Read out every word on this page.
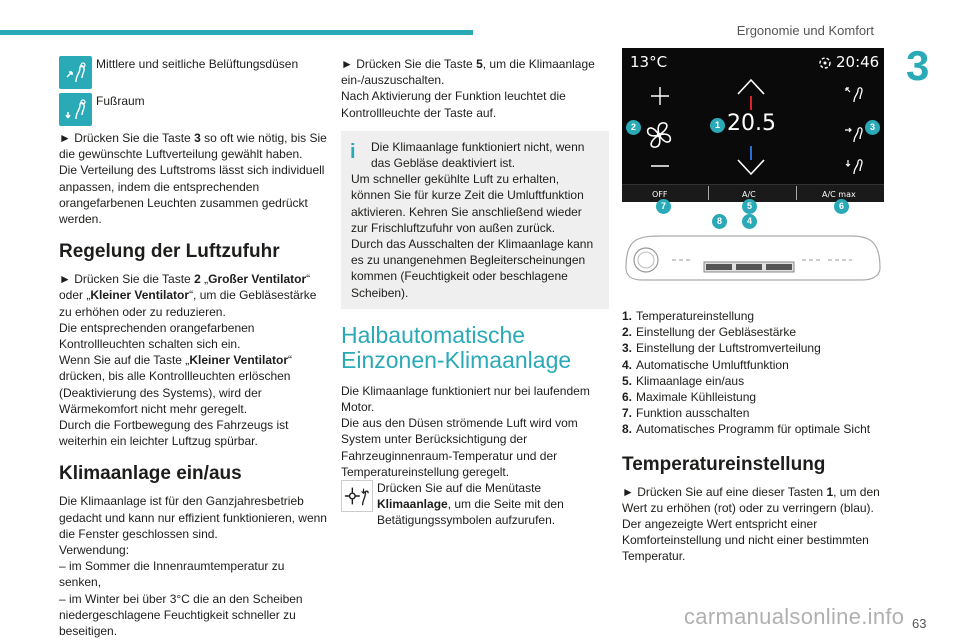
Ergonomie und Komfort
3

Mittlere und seitliche Belüftungsdüsen

Fußraum

► Drücken Sie die Taste 3 so oft wie nötig, bis Sie die gewünschte Luftverteilung gewählt haben.

Die Verteilung des Luftstroms lässt sich individuell anpassen, indem die entsprechenden orangefarbenen Leuchten zusammen gedrückt werden.

Regelung der Luftzufuhr

► Drücken Sie die Taste 2 „Großer Ventilator“ oder „Kleiner Ventilator“, um die Gebläsestärke zu erhöhen oder zu reduzieren.

Die entsprechenden orangefarbenen Kontrollleuchten schalten sich ein.

Wenn Sie auf die Taste „Kleiner Ventilator“ drücken, bis alle Kontrollleuchten erlöschen (Deaktivierung des Systems), wird der Wärmekomfort nicht mehr geregelt.

Durch die Fortbewegung des Fahrzeugs ist weiterhin ein leichter Luftzug spürbar.

Klimaanlage ein/aus

Die Klimaanlage ist für den Ganzjahresbetrieb gedacht und kann nur effizient funktionieren, wenn die Fenster geschlossen sind.

Verwendung:

– im Sommer die Innenraumtemperatur zu senken,

– im Winter bei über 3°C die an den Scheiben niedergeschlagene Feuchtigkeit schneller zu beseitigen.

► Drücken Sie die Taste 5, um die Klimaanlage ein-/auszuschalten.

Nach Aktivierung der Funktion leuchtet die Kontrollleuchte der Taste auf.

i Die Klimaanlage funktioniert nicht, wenn das Gebläse deaktiviert ist.

Um schneller gekühlte Luft zu erhalten, können Sie für kurze Zeit die Umluftfunktion aktivieren. Kehren Sie anschließend wieder zur Frischluftzufuhr von außen zurück.

Durch das Ausschalten der Klimaanlage kann es zu unangenehmen Begleiterscheinungen kommen (Feuchtigkeit oder beschlagene Scheiben).

Halbautomatische Einzonen-Klimaanlage

Die Klimaanlage funktioniert nur bei laufendem Motor.

Die aus den Düsen strömende Luft wird vom System unter Berücksichtigung der Fahrzeuginnenraum-Temperatur und der Temperatureinstellung geregelt.

Drücken Sie auf die Menütaste Klimaanlage, um die Seite mit den Betätigungssymbolen aufzurufen.

13°C	20:46
20.5
OFF	A/C	A/C max
1
2	3
7	5	6
8	4
1. Temperatureinstellung
2. Einstellung der Gebläsestärke
3. Einstellung der Luftstromverteilung
4. Automatische Umluftfunktion
5. Klimaanlage ein/aus
6. Maximale Kühlleistung
7. Funktion ausschalten
8. Automatisches Programm für optimale Sicht
Temperatureinstellung

► Drücken Sie auf eine dieser Tasten 1, um den Wert zu erhöhen (rot) oder zu verringern (blau).

Der angezeigte Wert entspricht einer Komforteinstellung und nicht einer bestimmten Temperatur.

carmanualsonline.info 63
